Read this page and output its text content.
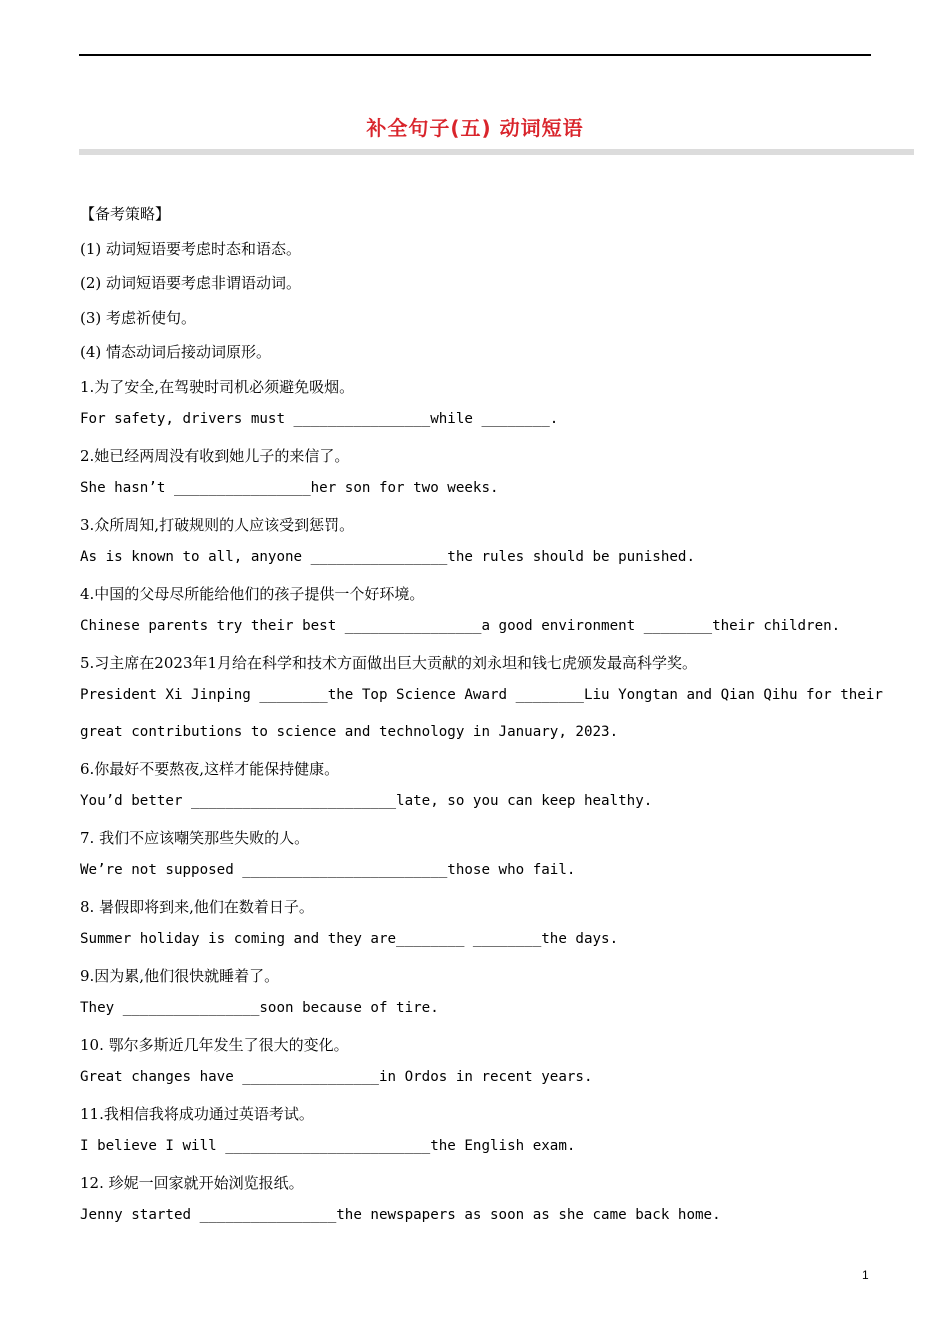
补全句子(五) 动词短语
【备考策略】
(1) 动词短语要考虑时态和语态。
(2) 动词短语要考虑非谓语动词。
(3) 考虑祈使句。
(4) 情态动词后接动词原形。
1.为了安全,在驾驶时司机必须避免吸烟。
For safety, drivers must ________________while ________.
2.她已经两周没有收到她儿子的来信了。
She hasn’t ________________her son for two weeks.
3.众所周知,打破规则的人应该受到惩罚。
As is known to all, anyone ________________the rules should be punished.
4.中国的父母尽所能给他们的孩子提供一个好环境。
Chinese parents try their best ________________a good environment ________their children.
5.习主席在2023年1月给在科学和技术方面做出巨大贡献的刘永坦和钱七虎颁发最高科学奖。
President Xi Jinping ________the Top Science Award ________Liu Yongtan and Qian Qihu for their
great contributions to science and technology in January, 2023.
6.你最好不要熬夜,这样才能保持健康。
You’d better ________________________late, so you can keep healthy.
7. 我们不应该嘲笑那些失败的人。
We’re not supposed ________________________those who fail.
8. 暑假即将到来,他们在数着日子。
Summer holiday is coming and they are________ ________the days.
9.因为累,他们很快就睡着了。
They ________________soon because of tire.
10. 鄂尔多斯近几年发生了很大的变化。
Great changes have ________________in Ordos in recent years.
11.我相信我将成功通过英语考试。
I believe I will ________________________the English exam.
12. 珍妮一回家就开始浏览报纸。
Jenny started ________________the newspapers as soon as she came back home.
1
